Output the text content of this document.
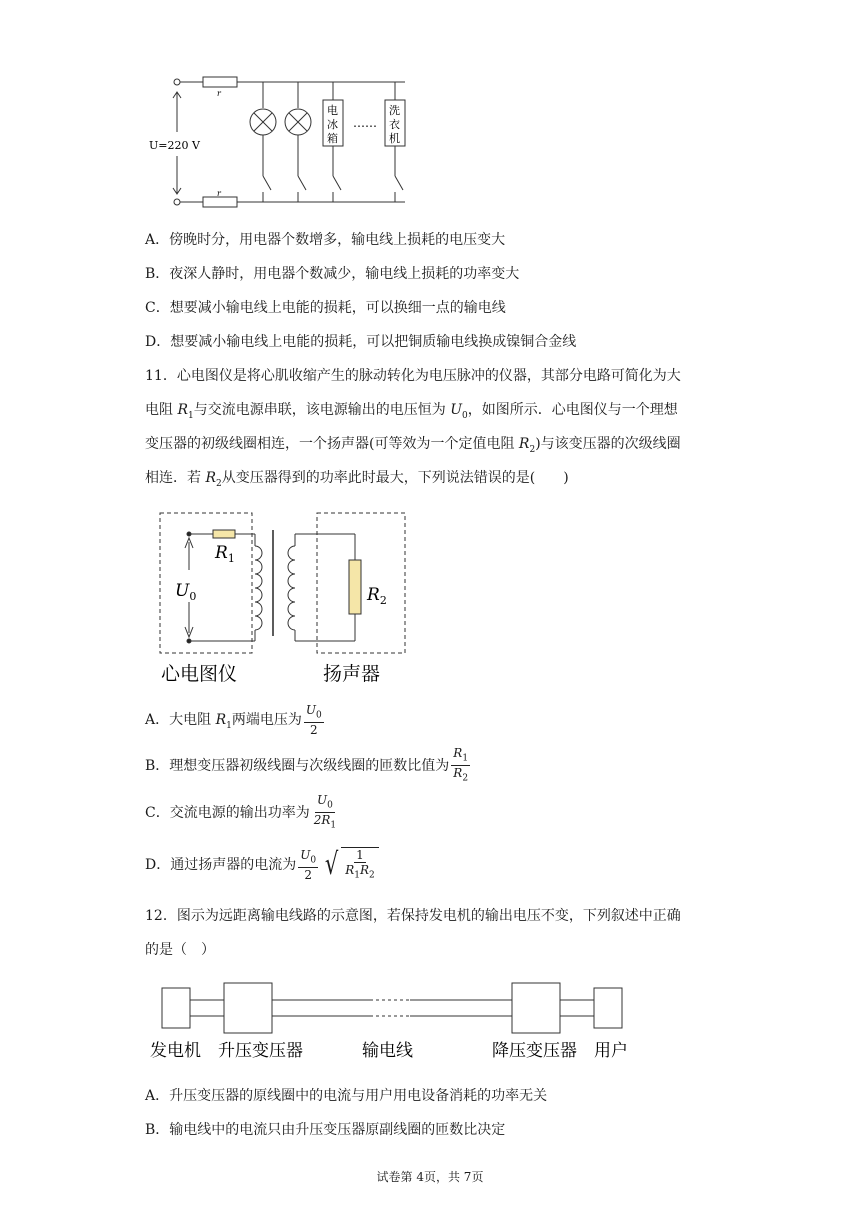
U=220 V
r
r
电
冰
箱
洗
衣
机
……
A．傍晚时分，用电器个数增多，输电线上损耗的电压变大
B．夜深人静时，用电器个数减少，输电线上损耗的功率变大
C．想要减小输电线上电能的损耗，可以换细一点的输电线
D．想要减小输电线上电能的损耗，可以把铜质输电线换成镍铜合金线
11．心电图仪是将心肌收缩产生的脉动转化为电压脉冲的仪器，其部分电路可简化为大
电阻 $R_1$与交流电源串联，该电源输出的电压恒为 $U_0$，如图所示．心电图仪与一个理想
变压器的初级线圈相连，一个扬声器(可等效为一个定值电阻 $R_2$)与该变压器的次级线圈
相连．若 $R_2$从变压器得到的功率此时最大，下列说法错误的是(　　)
$R_1$
$U_0$	$R_2$
心电图仪	扬声器
A．大电阻 $R_1$两端电压为 $\frac{U_0}{2}$
B．理想变压器初级线圈与次级线圈的匝数比值为 $\frac{R_1}{R_2}$
C．交流电源的输出功率为 $\frac{U_0}{2R_1}$
D．通过扬声器的电流为 $\frac{U_0}{2}$ √ $\frac{1}{R_1R_2}$
12．图示为远距离输电线路的示意图，若保持发电机的输出电压不变，下列叙述中正确
的是（　）
发电机 升压变压器	输电线	降压变压器 用户
A．升压变压器的原线圈中的电流与用户用电设备消耗的功率无关
B．输电线中的电流只由升压变压器原副线圈的匝数比决定
试卷第 4页，共 7页
